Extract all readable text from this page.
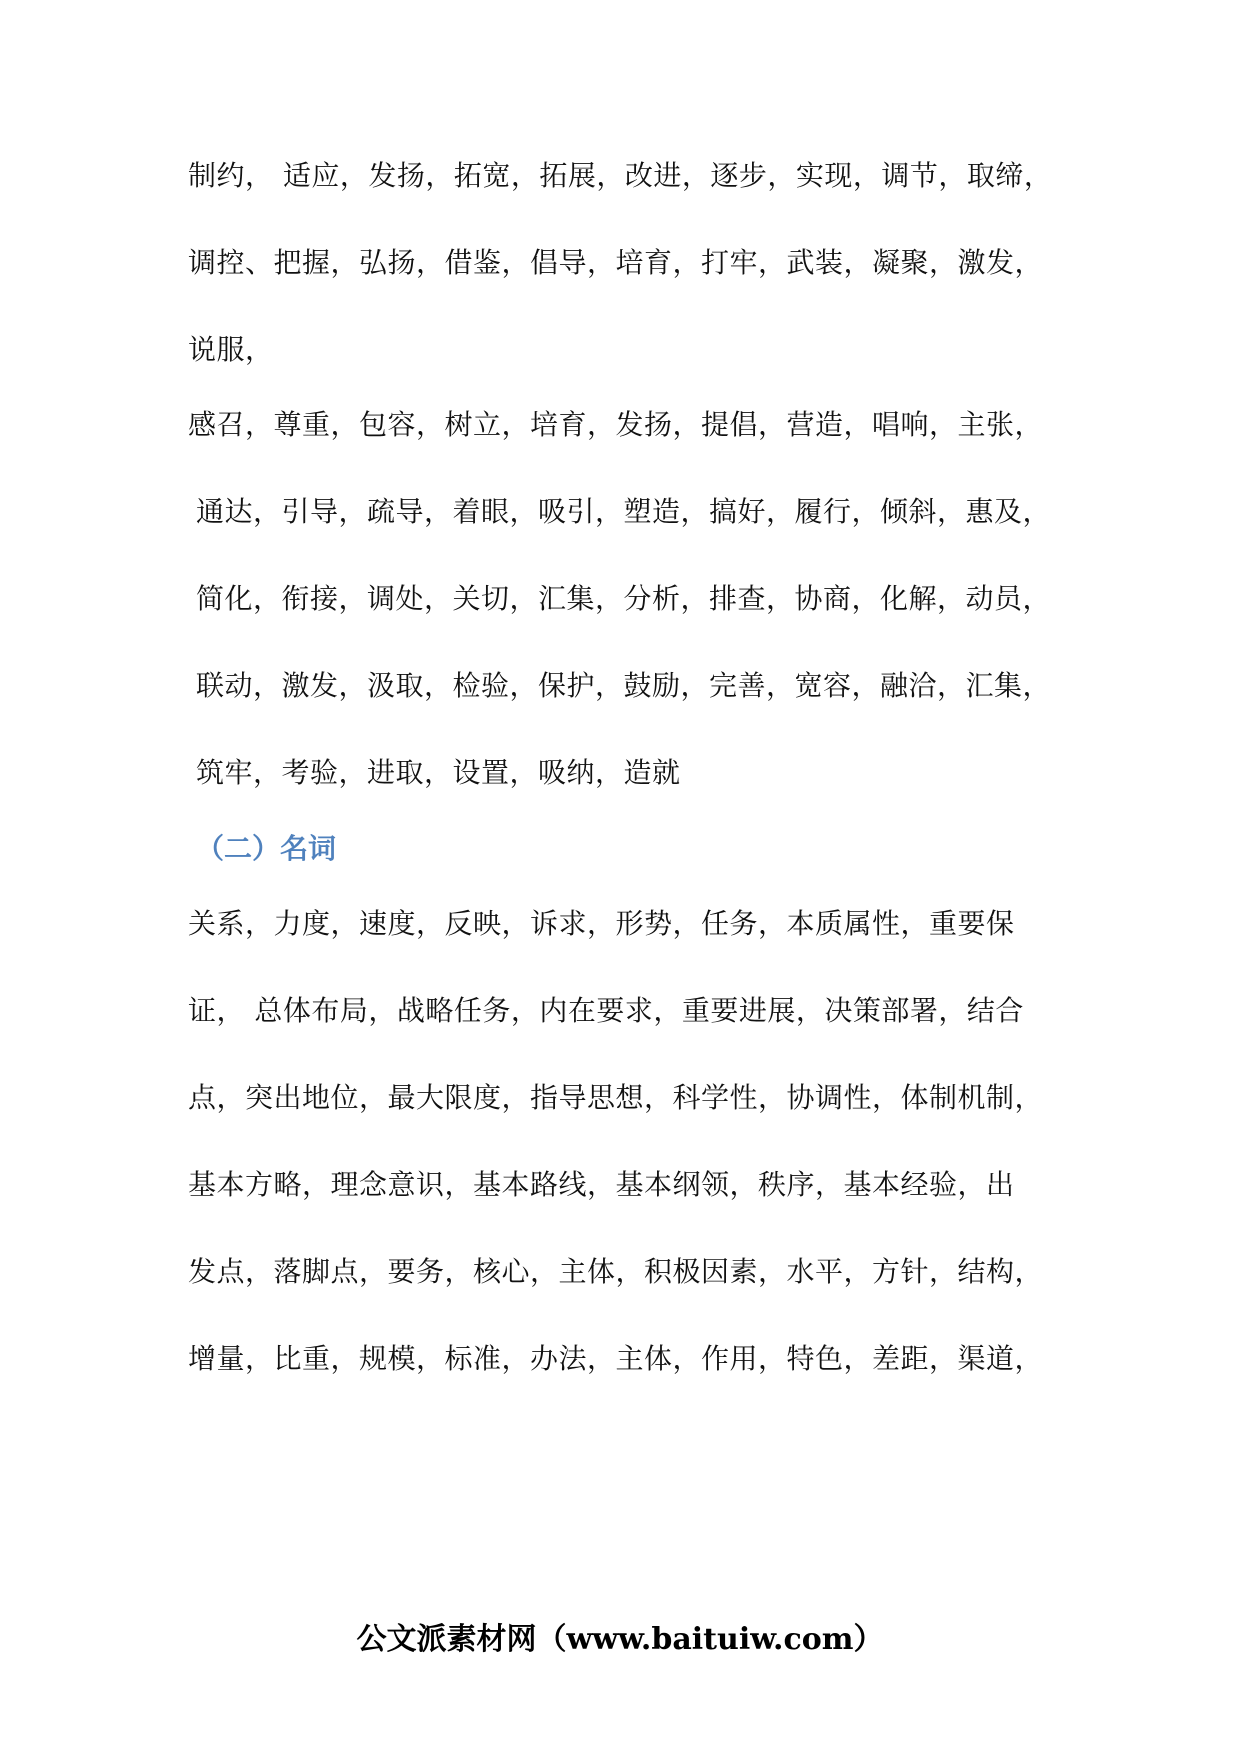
制约， 适应，发扬，拓宽，拓展，改进，逐步，实现，调节，取缔，
调控、把握，弘扬，借鉴，倡导，培育，打牢，武装，凝聚，激发，
说服，
感召，尊重，包容，树立，培育，发扬，提倡，营造，唱响，主张，
通达，引导，疏导，着眼，吸引，塑造，搞好，履行，倾斜，惠及，
简化，衔接，调处，关切，汇集，分析，排查，协商，化解，动员，
联动，激发，汲取，检验，保护，鼓励，完善，宽容，融洽，汇集，
筑牢，考验，进取，设置，吸纳，造就
（二）名词
关系，力度，速度，反映，诉求，形势，任务，本质属性，重要保
证， 总体布局，战略任务，内在要求，重要进展，决策部署，结合
点，突出地位，最大限度，指导思想，科学性，协调性，体制机制，
基本方略，理念意识，基本路线，基本纲领，秩序，基本经验，出
发点，落脚点，要务，核心，主体，积极因素，水平，方针，结构，
增量，比重，规模，标准，办法，主体，作用，特色，差距，渠道，
公文派素材网（www.baituiw.com）
